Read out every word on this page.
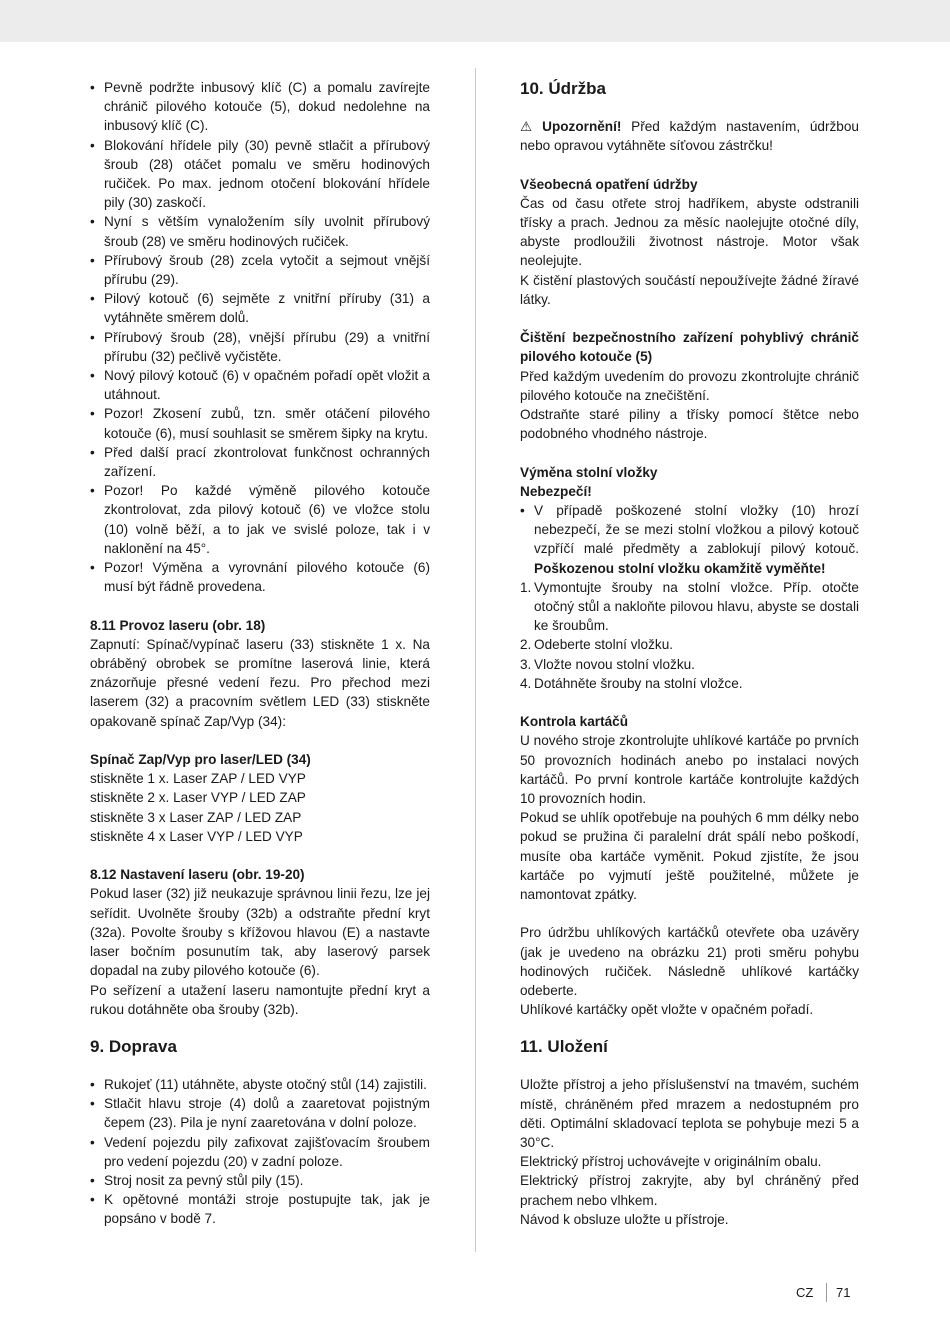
• Pevně podržte inbusový klíč (C) a pomalu zavírejte chránič pilového kotouče (5), dokud nedolehne na inbusový klíč (C).
• Blokování hřídele pily (30) pevně stlačit a přírubový šroub (28) otáčet pomalu ve směru hodinových ručiček. Po max. jednom otočení blokování hřídele pily (30) zaskočí.
• Nyní s větším vynaložením síly uvolnit přírubový šroub (28) ve směru hodinových ručiček.
• Přírubový šroub (28) zcela vytočit a sejmout vnější přírubu (29).
• Pilový kotouč (6) sejměte z vnitřní příruby (31) a vytáhněte směrem dolů.
• Přírubový šroub (28), vnější přírubu (29) a vnitřní přírubu (32) pečlivě vyčistěte.
• Nový pilový kotouč (6) v opačném pořadí opět vložit a utáhnout.
• Pozor! Zkosení zubů, tzn. směr otáčení pilového kotouče (6), musí souhlasit se směrem šipky na krytu.
• Před další prací zkontrolovat funkčnost ochranných zařízení.
• Pozor! Po každé výměně pilového kotouče zkontrolovat, zda pilový kotouč (6) ve vložce stolu (10) volně běží, a to jak ve svislé poloze, tak i v naklonění na 45°.
• Pozor! Výměna a vyrovnání pilového kotouče (6) musí být řádně provedena.

8.11 Provoz laseru (obr. 18)

Zapnutí: Spínač/vypínač laseru (33) stiskněte 1 x. Na obráběný obrobek se promítne laserová linie, která znázorňuje přesné vedení řezu. Pro přechod mezi laserem (32) a pracovním světlem LED (33) stiskněte opakovaně spínač Zap/Vyp (34):

Spínač Zap/Vyp pro laser/LED (34)

stiskněte 1 x. Laser ZAP / LED VYP

stiskněte 2 x. Laser VYP / LED ZAP

stiskněte 3 x Laser ZAP / LED ZAP

stiskněte 4 x Laser VYP / LED VYP

8.12 Nastavení laseru (obr. 19-20)

Pokud laser (32) již neukazuje správnou linii řezu, lze jej seřídit. Uvolněte šrouby (32b) a odstraňte přední kryt (32a). Povolte šrouby s křížovou hlavou (E) a nastavte laser bočním posunutím tak, aby laserový parsek dopadal na zuby pilového kotouče (6).

Po seřízení a utažení laseru namontujte přední kryt a rukou dotáhněte oba šrouby (32b).

9. Doprava

• Rukojeť (11) utáhněte, abyste otočný stůl (14) zajistili.
• Stlačit hlavu stroje (4) dolů a zaaretovat pojistným čepem (23). Pila je nyní zaaretována v dolní poloze.
• Vedení pojezdu pily zafixovat zajišťovacím šroubem pro vedení pojezdu (20) v zadní poloze.
• Stroj nosit za pevný stůl pily (15).
• K opětovné montáži stroje postupujte tak, jak je popsáno v bodě 7.

10. Údržba

⚠ Upozornění! Před každým nastavením, údržbou nebo opravou vytáhněte síťovou zástrčku!

Všeobecná opatření údržby

Čas od času otřete stroj hadříkem, abyste odstranili třísky a prach. Jednou za měsíc naolejujte otočné díly, abyste prodloužili životnost nástroje. Motor však neolejujte.

K čistění plastových součástí nepoužívejte žádné žíravé látky.

Čištění bezpečnostního zařízení pohyblivý chránič pilového kotouče (5)

Před každým uvedením do provozu zkontrolujte chránič pilového kotouče na znečištění.

Odstraňte staré piliny a třísky pomocí štětce nebo podobného vhodného nástroje.

Výměna stolní vložky

Nebezpečí!

• V případě poškozené stolní vložky (10) hrozí nebezpečí, že se mezi stolní vložkou a pilový kotouč vzpříčí malé předměty a zablokují pilový kotouč. Poškozenou stolní vložku okamžitě vyměňte!
1. Vymontujte šrouby na stolní vložce. Příp. otočte otočný stůl a nakloňte pilovou hlavu, abyste se dostali ke šroubům.
2. Odeberte stolní vložku.
3. Vložte novou stolní vložku.
4. Dotáhněte šrouby na stolní vložce.

Kontrola kartáčů

U nového stroje zkontrolujte uhlíkové kartáče po prvních 50 provozních hodinách anebo po instalaci nových kartáčů. Po první kontrole kartáče kontrolujte každých 10 provozních hodin.

Pokud se uhlík opotřebuje na pouhých 6 mm délky nebo pokud se pružina či paralelní drát spálí nebo poškodí, musíte oba kartáče vyměnit. Pokud zjistíte, že jsou kartáče po vyjmutí ještě použitelné, můžete je namontovat zpátky.

Pro údržbu uhlíkových kartáčků otevřete oba uzávěry (jak je uvedeno na obrázku 21) proti směru pohybu hodinových ručiček. Následně uhlíkové kartáčky odeberte.

Uhlíkové kartáčky opět vložte v opačném pořadí.

11. Uložení

Uložte přístroj a jeho příslušenství na tmavém, suchém místě, chráněném před mrazem a nedostupném pro děti. Optimální skladovací teplota se pohybuje mezi 5 a 30°C.

Elektrický přístroj uchovávejte v originálním obalu.

Elektrický přístroj zakryjte, aby byl chráněný před prachem nebo vlhkem.

Návod k obsluze uložte u přístroje.

CZ 71
